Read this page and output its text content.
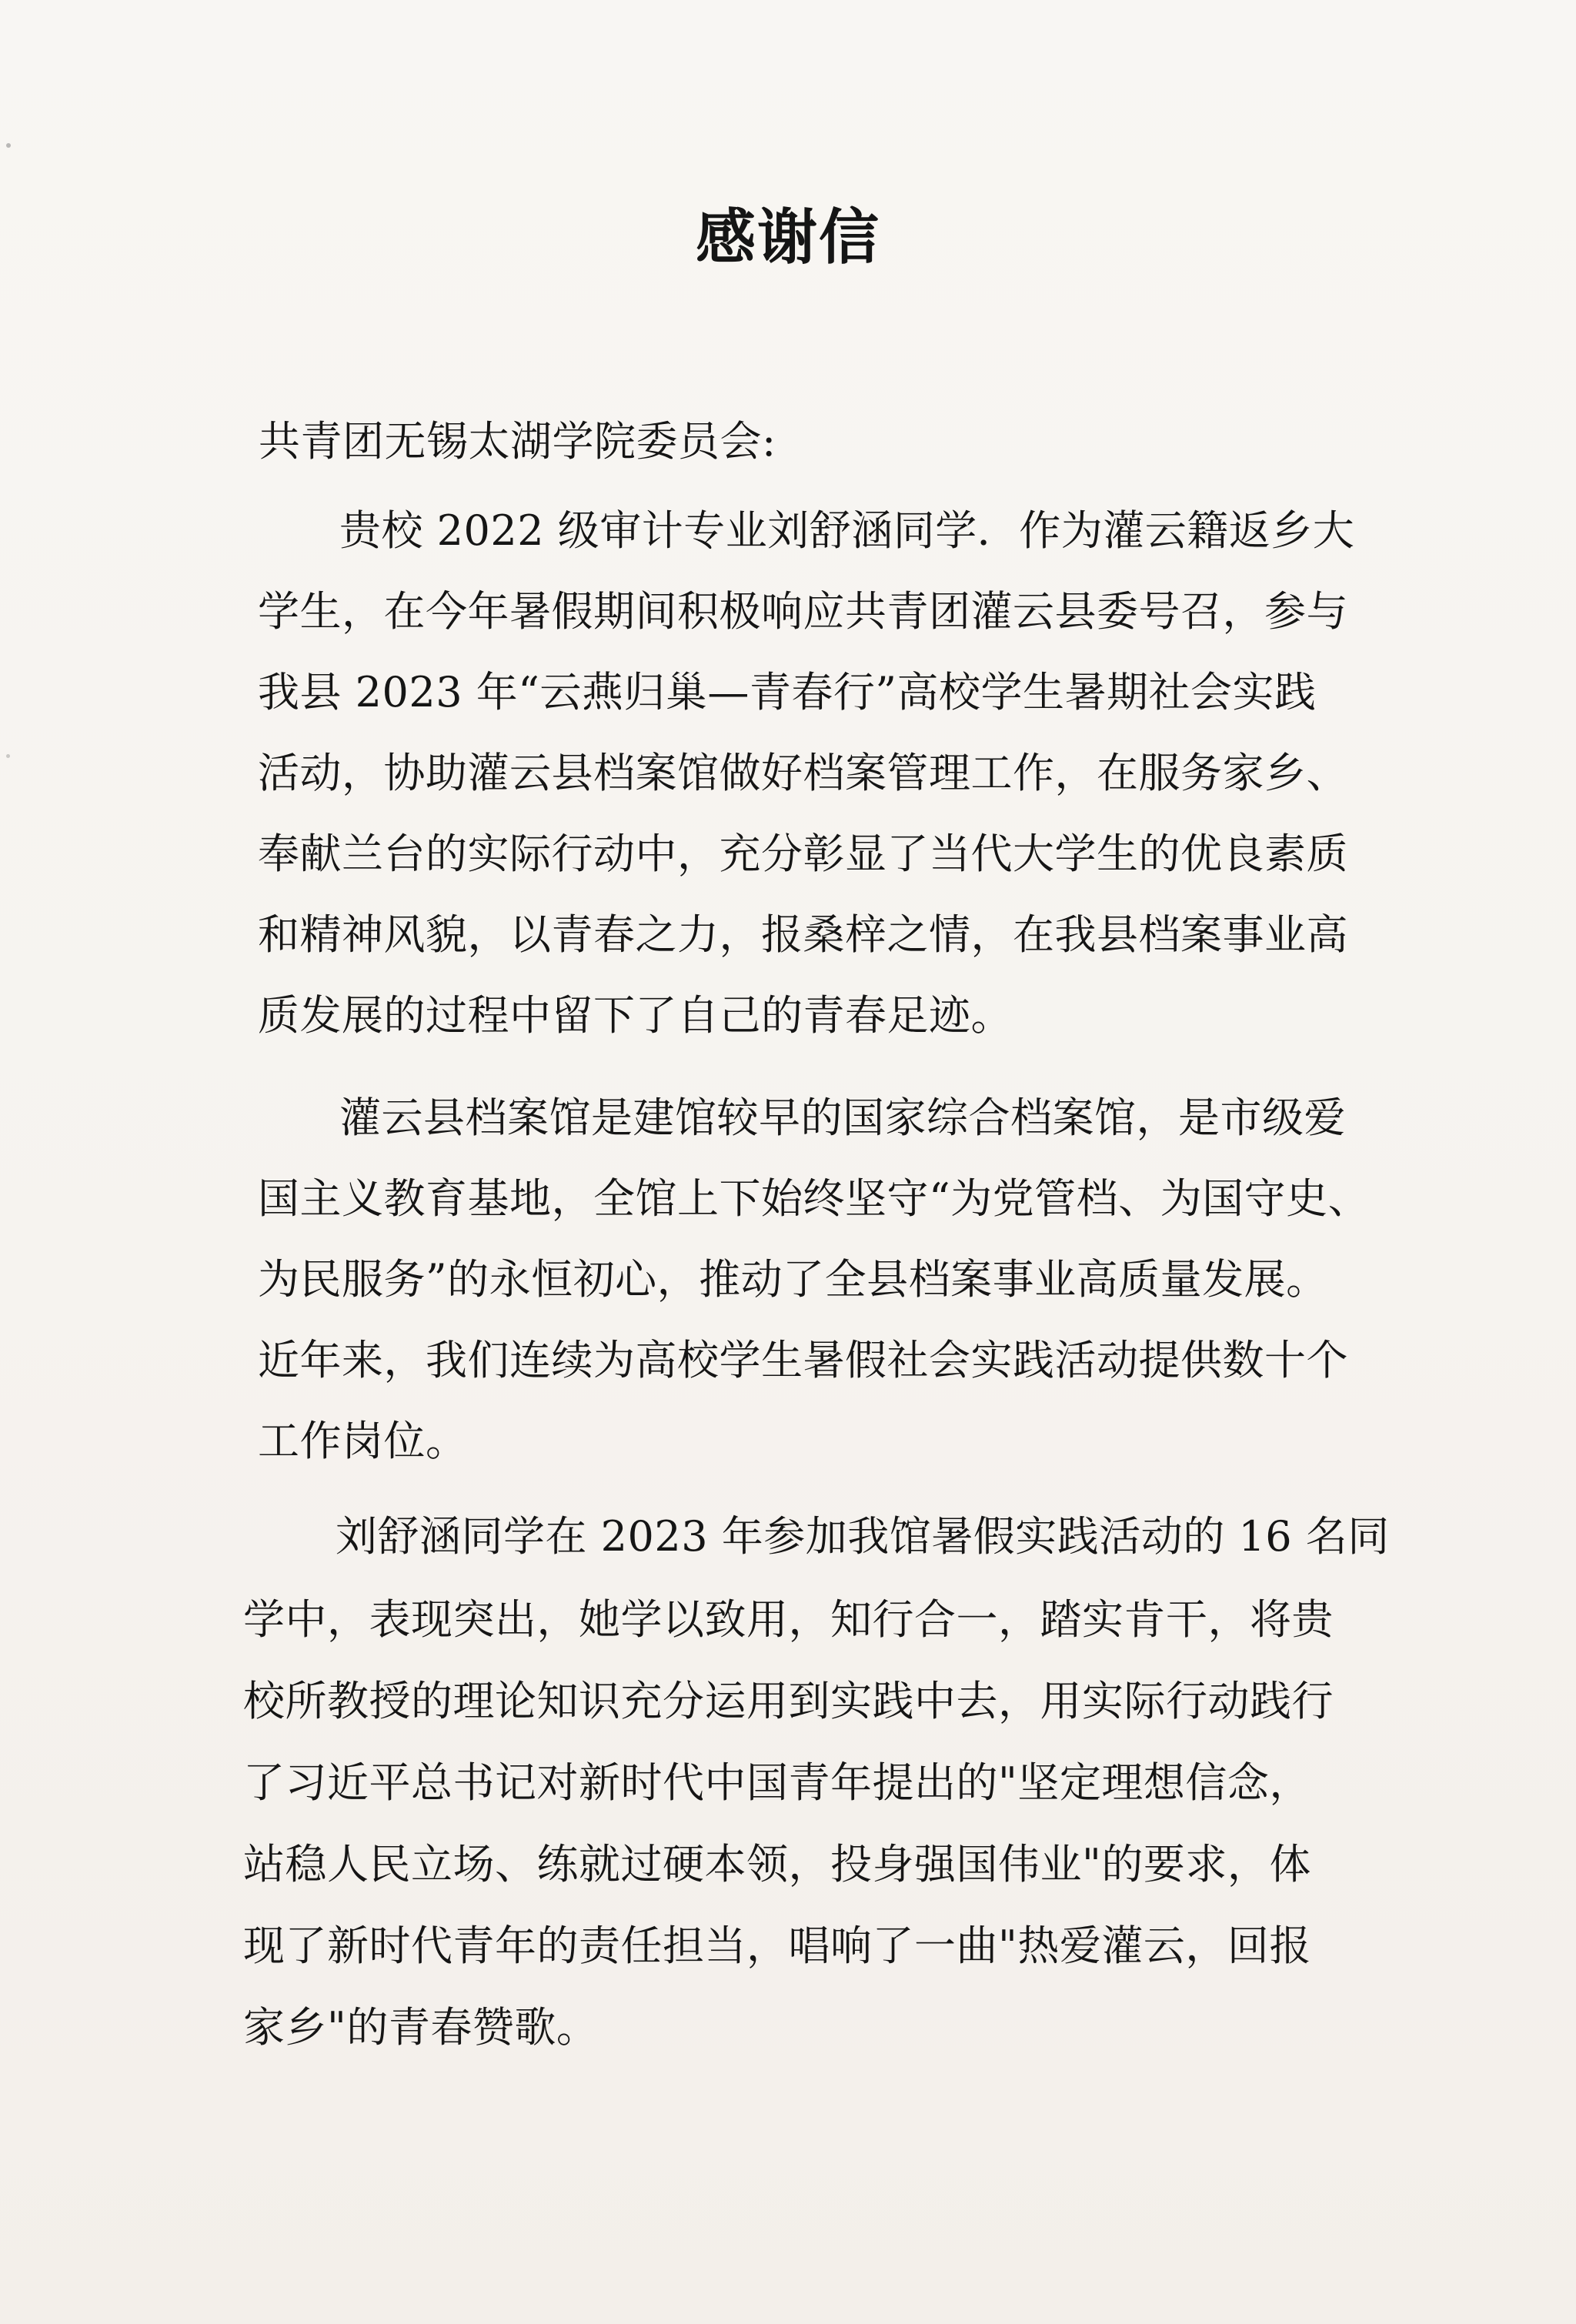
感谢信
共青团无锡太湖学院委员会:
贵校 2022 级审计专业刘舒涵同学．作为灌云籍返乡大
学生，在今年暑假期间积极响应共青团灌云县委号召，参与
我县 2023 年“云燕归巢—青春行”高校学生暑期社会实践
活动，协助灌云县档案馆做好档案管理工作，在服务家乡、
奉献兰台的实际行动中，充分彰显了当代大学生的优良素质
和精神风貌，以青春之力，报桑梓之情，在我县档案事业高
质发展的过程中留下了自己的青春足迹。
灌云县档案馆是建馆较早的国家综合档案馆，是市级爱
国主义教育基地，全馆上下始终坚守“为党管档、为国守史、
为民服务”的永恒初心，推动了全县档案事业高质量发展。
近年来，我们连续为高校学生暑假社会实践活动提供数十个
工作岗位。
刘舒涵同学在 2023 年参加我馆暑假实践活动的 16 名同
学中，表现突出，她学以致用，知行合一，踏实肯干，将贵
校所教授的理论知识充分运用到实践中去，用实际行动践行
了习近平总书记对新时代中国青年提出的"坚定理想信念，
站稳人民立场、练就过硬本领，投身强国伟业"的要求，体
现了新时代青年的责任担当，唱响了一曲"热爱灌云，回报
家乡"的青春赞歌。
